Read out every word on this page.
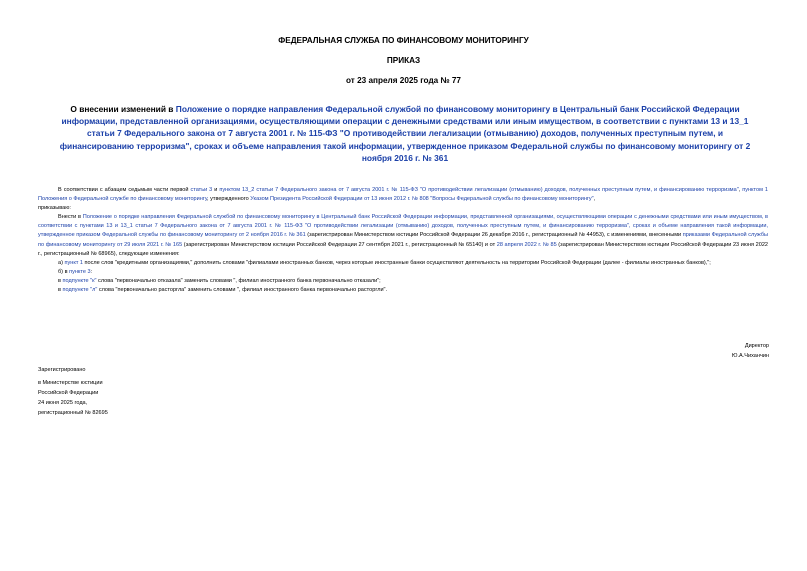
ФЕДЕРАЛЬНАЯ СЛУЖБА ПО ФИНАНСОВОМУ МОНИТОРИНГУ
ПРИКАЗ
от 23 апреля 2025 года № 77
О внесении изменений в Положение о порядке направления Федеральной службой по финансовому мониторингу в Центральный банк Российской Федерации информации, представленной организациями, осуществляющими операции с денежными средствами или иным имуществом, в соответствии с пунктами 13 и 13_1 статьи 7 Федерального закона от 7 августа 2001 г. № 115-ФЗ "О противодействии легализации (отмыванию) доходов, полученных преступным путем, и финансированию терроризма", сроках и объеме направления такой информации, утвержденное приказом Федеральной службы по финансовому мониторингу от 2 ноября 2016 г. № 361

В соответствии с абзацем седьмым части первой статьи 3 и пунктом 13_2 статьи 7 Федерального закона от 7 августа 2001 г. № 115-ФЗ "О противодействии легализации (отмыванию) доходов, полученных преступным путем, и финансированию терроризма", пунктом 1 Положения о Федеральной службе по финансовому мониторингу, утвержденного Указом Президента Российской Федерации от 13 июня 2012 г. № 808 "Вопросы Федеральной службы по финансовому мониторингу",

приказываю:

Внести в Положение о порядке направления Федеральной службой по финансовому мониторингу в Центральный банк Российской Федерации информации, представленной организациями, осуществляющими операции с денежными средствами или иным имуществом, в соответствии с пунктами 13 и 13_1 статьи 7 Федерального закона от 7 августа 2001 г. № 115-ФЗ "О противодействии легализации (отмыванию) доходов, полученных преступным путем, и финансированию терроризма", сроках и объеме направления такой информации, утвержденное приказом Федеральной службы по финансовому мониторингу от 2 ноября 2016 г. № 361 (зарегистрирован Министерством юстиции Российской Федерации 26 декабря 2016 г., регистрационный № 44953), с изменениями, внесенными приказами Федеральной службы по финансовому мониторингу от 29 июля 2021 г. № 165 (зарегистрирован Министерством юстиции Российской Федерации 27 сентября 2021 г., регистрационный № 65140) и от 28 апреля 2022 г. № 85 (зарегистрирован Министерством юстиции Российской Федерации 23 июня 2022 г., регистрационный № 68965), следующие изменения:

а) пункт 1 после слов "кредитными организациями," дополнить словами "филиалами иностранных банков, через которые иностранные банки осуществляют деятельность на территории Российской Федерации (далее - филиалы иностранных банков),";

б) в пункте 3:

в подпункте "к" слова "первоначально отказала" заменить словами ", филиал иностранного банка первоначально отказали";

в подпункте "л" слова "первоначально расторгла" заменить словами ", филиал иностранного банка первоначально расторгли".

Директор
Ю.А.Чиханчин
Зарегистрировано
в Министерстве юстиции
Российской Федерации
24 июня 2025 года,
регистрационный № 82695
